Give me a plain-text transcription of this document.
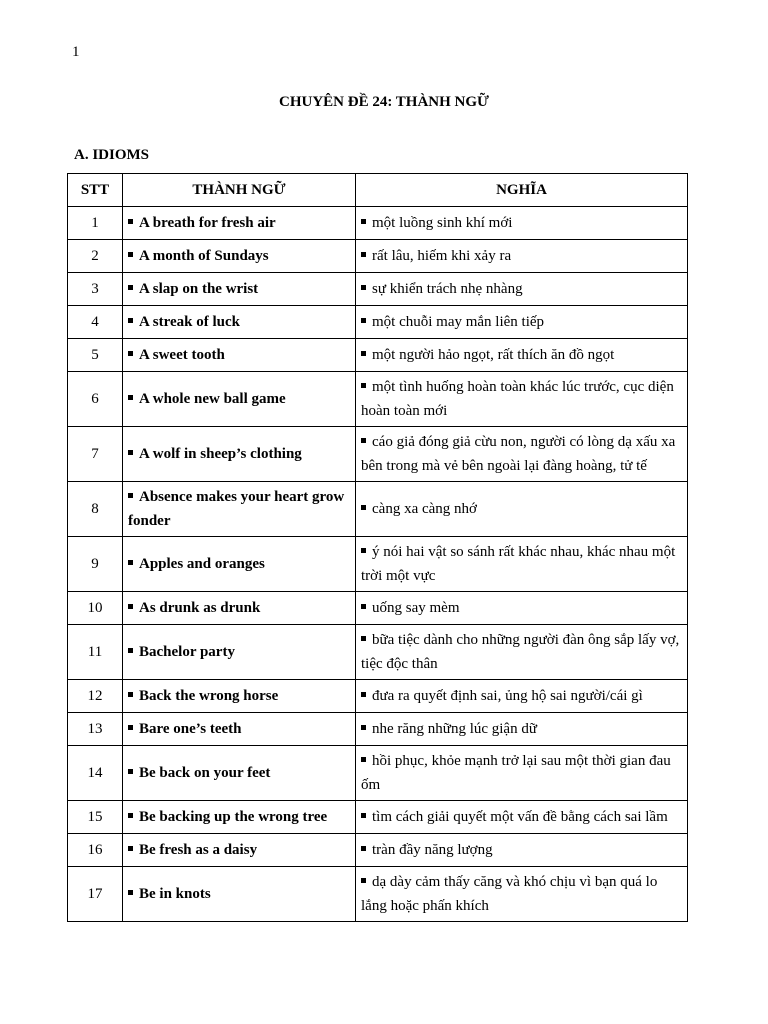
1
CHUYÊN ĐỀ 24: THÀNH NGỮ
A. IDIOMS
STT	THÀNH NGỮ	NGHĨA
1	A breath for fresh air	một luồng sinh khí mới
2	A month of Sundays	rất lâu, hiếm khi xảy ra
3	A slap on the wrist	sự khiển trách nhẹ nhàng
4	A streak of luck	một chuỗi may mắn liên tiếp
5	A sweet tooth	một người hảo ngọt, rất thích ăn đồ ngọt
6	A whole new ball game	một tình huống hoàn toàn khác lúc trước, cục diện hoàn toàn mới
7	A wolf in sheep’s clothing	cáo giả đóng giả cừu non, người có lòng dạ xấu xa bên trong mà vẻ bên ngoài lại đàng hoàng, tử tế
8	Absence makes your heart grow fonder	càng xa càng nhớ
9	Apples and oranges	ý nói hai vật so sánh rất khác nhau, khác nhau một trời một vực
10	As drunk as drunk	uống say mèm
11	Bachelor party	bữa tiệc dành cho những người đàn ông sắp lấy vợ, tiệc độc thân
12	Back the wrong horse	đưa ra quyết định sai, ủng hộ sai người/cái gì
13	Bare one’s teeth	nhe răng những lúc giận dữ
14	Be back on your feet	hồi phục, khỏe mạnh trở lại sau một thời gian đau ốm
15	Be backing up the wrong tree	tìm cách giải quyết một vấn đề bằng cách sai lầm
16	Be fresh as a daisy	tràn đầy năng lượng
17	Be in knots	dạ dày cảm thấy căng và khó chịu vì bạn quá lo lắng hoặc phấn khích
